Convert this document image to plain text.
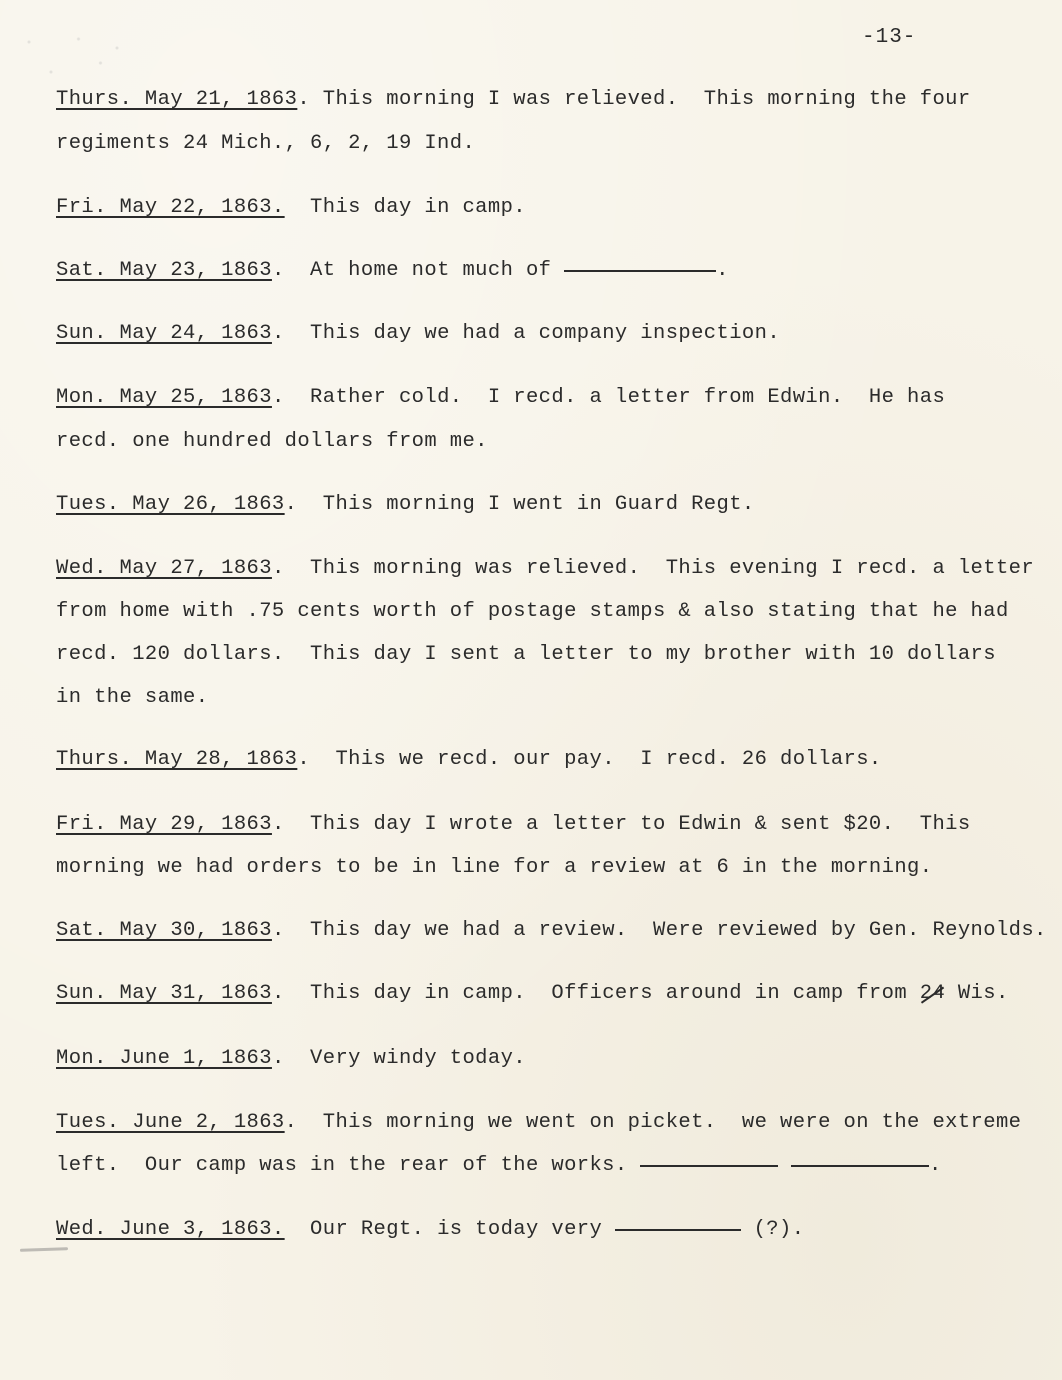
-13-
Thurs. May 21, 1863. This morning I was relieved.  This morning the four
regiments 24 Mich., 6, 2, 19 Ind.
Fri. May 22, 1863.  This day in camp.
Sat. May 23, 1863.  At home not much of	.
Sun. May 24, 1863.  This day we had a company inspection.
Mon. May 25, 1863.  Rather cold.  I recd. a letter from Edwin.  He has
recd. one hundred dollars from me.
Tues. May 26, 1863.  This morning I went in Guard Regt.
Wed. May 27, 1863.  This morning was relieved.  This evening I recd. a letter
from home with .75 cents worth of postage stamps & also stating that he had
recd. 120 dollars.  This day I sent a letter to my brother with 10 dollars
in the same.
Thurs. May 28, 1863.  This we recd. our pay.  I recd. 26 dollars.
Fri. May 29, 1863.  This day I wrote a letter to Edwin & sent $20.  This
morning we had orders to be in line for a review at 6 in the morning.
Sat. May 30, 1863.  This day we had a review.  Were reviewed by Gen. Reynolds.
Sun. May 31, 1863.  This day in camp.  Officers around in camp from 24 Wis.
Mon. June 1, 1863.  Very windy today.
Tues. June 2, 1863.  This morning we went on picket.  we were on the extreme
left.  Our camp was in the rear of the works.	.
Wed. June 3, 1863.  Our Regt. is today very	(?).
